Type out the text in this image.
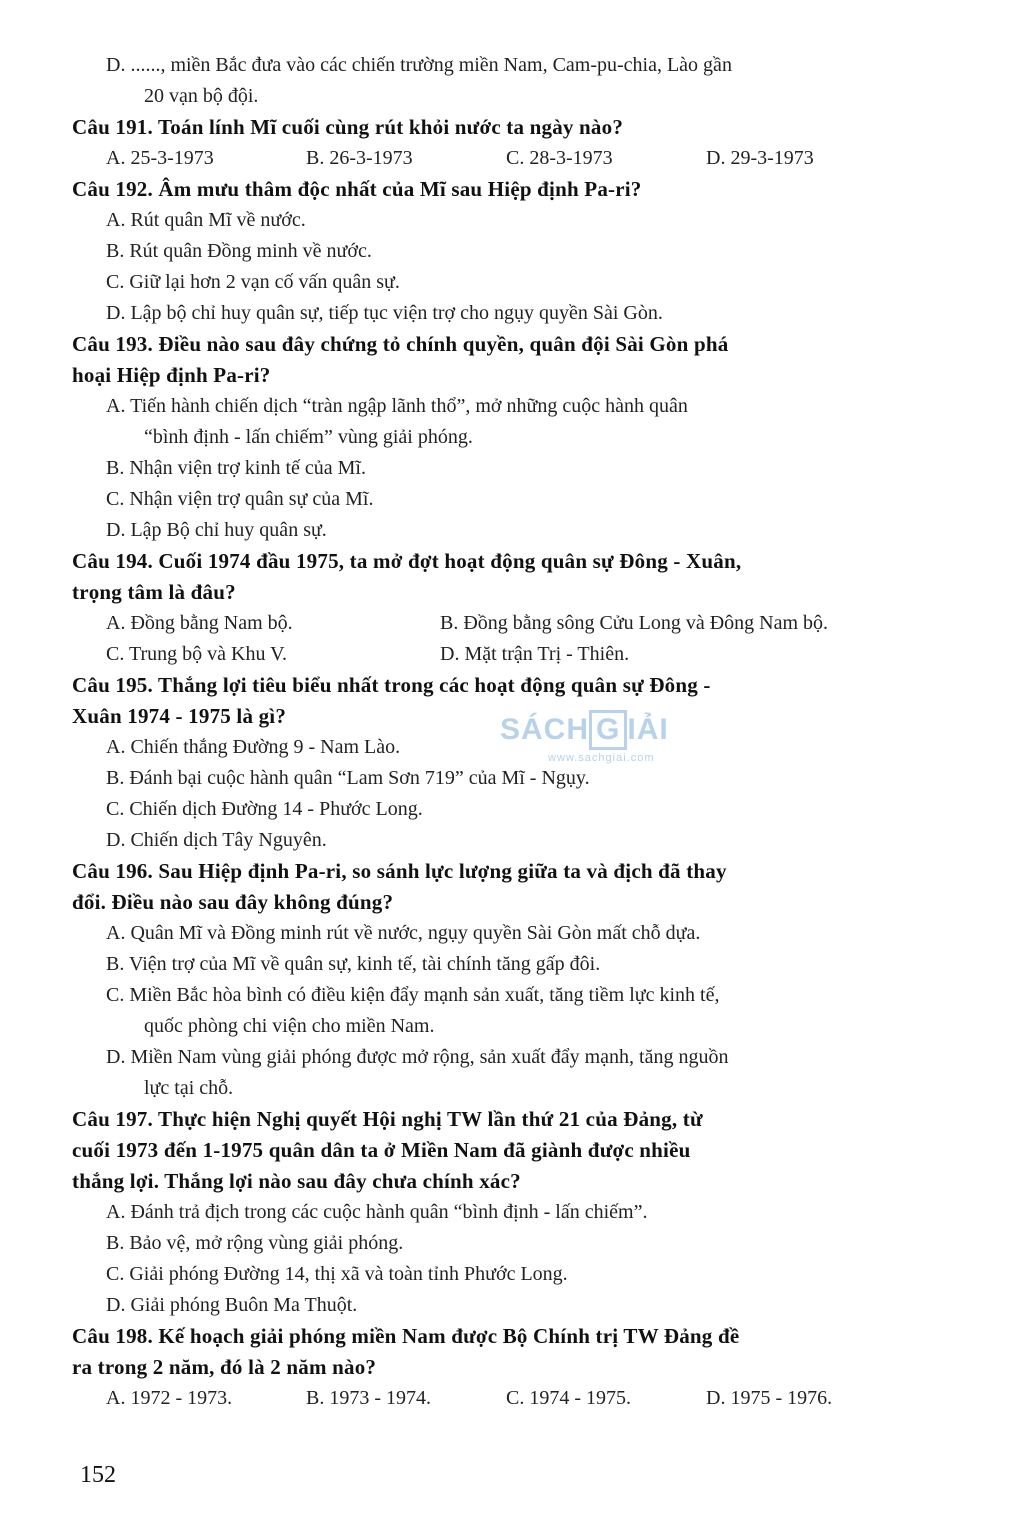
D. ......, miền Bắc đưa vào các chiến trường miền Nam, Cam-pu-chia, Lào gần
20 vạn bộ đội.
Câu 191. Toán lính Mĩ cuối cùng rút khỏi nước ta ngày nào?
A. 25-3-1973	B. 26-3-1973	C. 28-3-1973	D. 29-3-1973
Câu 192. Âm mưu thâm độc nhất của Mĩ sau Hiệp định Pa-ri?
A. Rút quân Mĩ về nước.
B. Rút quân Đồng minh về nước.
C. Giữ lại hơn 2 vạn cố vấn quân sự.
D. Lập bộ chỉ huy quân sự, tiếp tục viện trợ cho ngụy quyền Sài Gòn.
Câu 193. Điều nào sau đây chứng tỏ chính quyền, quân đội Sài Gòn phá
hoại Hiệp định Pa-ri?
A. Tiến hành chiến dịch “tràn ngập lãnh thổ”, mở những cuộc hành quân
“bình định - lấn chiếm” vùng giải phóng.
B. Nhận viện trợ kinh tế của Mĩ.
C. Nhận viện trợ quân sự của Mĩ.
D. Lập Bộ chỉ huy quân sự.
Câu 194. Cuối 1974 đầu 1975, ta mở đợt hoạt động quân sự Đông - Xuân,
trọng tâm là đâu?
A. Đồng bằng Nam bộ.	B. Đồng bằng sông Cửu Long và Đông Nam bộ.
C. Trung bộ và Khu V.	D. Mặt trận Trị - Thiên.
Câu 195. Thắng lợi tiêu biểu nhất trong các hoạt động quân sự Đông -
Xuân 1974 - 1975 là gì?
A. Chiến thắng Đường 9 - Nam Lào.
B. Đánh bại cuộc hành quân “Lam Sơn 719” của Mĩ - Ngụy.
C. Chiến dịch Đường 14 - Phước Long.
D. Chiến dịch Tây Nguyên.
Câu 196. Sau Hiệp định Pa-ri, so sánh lực lượng giữa ta và địch đã thay
đổi. Điều nào sau đây không đúng?
A. Quân Mĩ và Đồng minh rút về nước, ngụy quyền Sài Gòn mất chỗ dựa.
B. Viện trợ của Mĩ về quân sự, kinh tế, tài chính tăng gấp đôi.
C. Miền Bắc hòa bình có điều kiện đẩy mạnh sản xuất, tăng tiềm lực kinh tế,
quốc phòng chi viện cho miền Nam.
D. Miền Nam vùng giải phóng được mở rộng, sản xuất đẩy mạnh, tăng nguồn
lực tại chỗ.
Câu 197. Thực hiện Nghị quyết Hội nghị TW lần thứ 21 của Đảng, từ
cuối 1973 đến 1-1975 quân dân ta ở Miền Nam đã giành được nhiều
thắng lợi. Thắng lợi nào sau đây chưa chính xác?
A. Đánh trả địch trong các cuộc hành quân “bình định - lấn chiếm”.
B. Bảo vệ, mở rộng vùng giải phóng.
C. Giải phóng Đường 14, thị xã và toàn tỉnh Phước Long.
D. Giải phóng Buôn Ma Thuột.
Câu 198. Kế hoạch giải phóng miền Nam được Bộ Chính trị TW Đảng đề
ra trong 2 năm, đó là 2 năm nào?
A. 1972 - 1973.	B. 1973 - 1974.	C. 1974 - 1975.	D. 1975 - 1976.
SÁCH G IẢI
www.sachgiai.com
152
